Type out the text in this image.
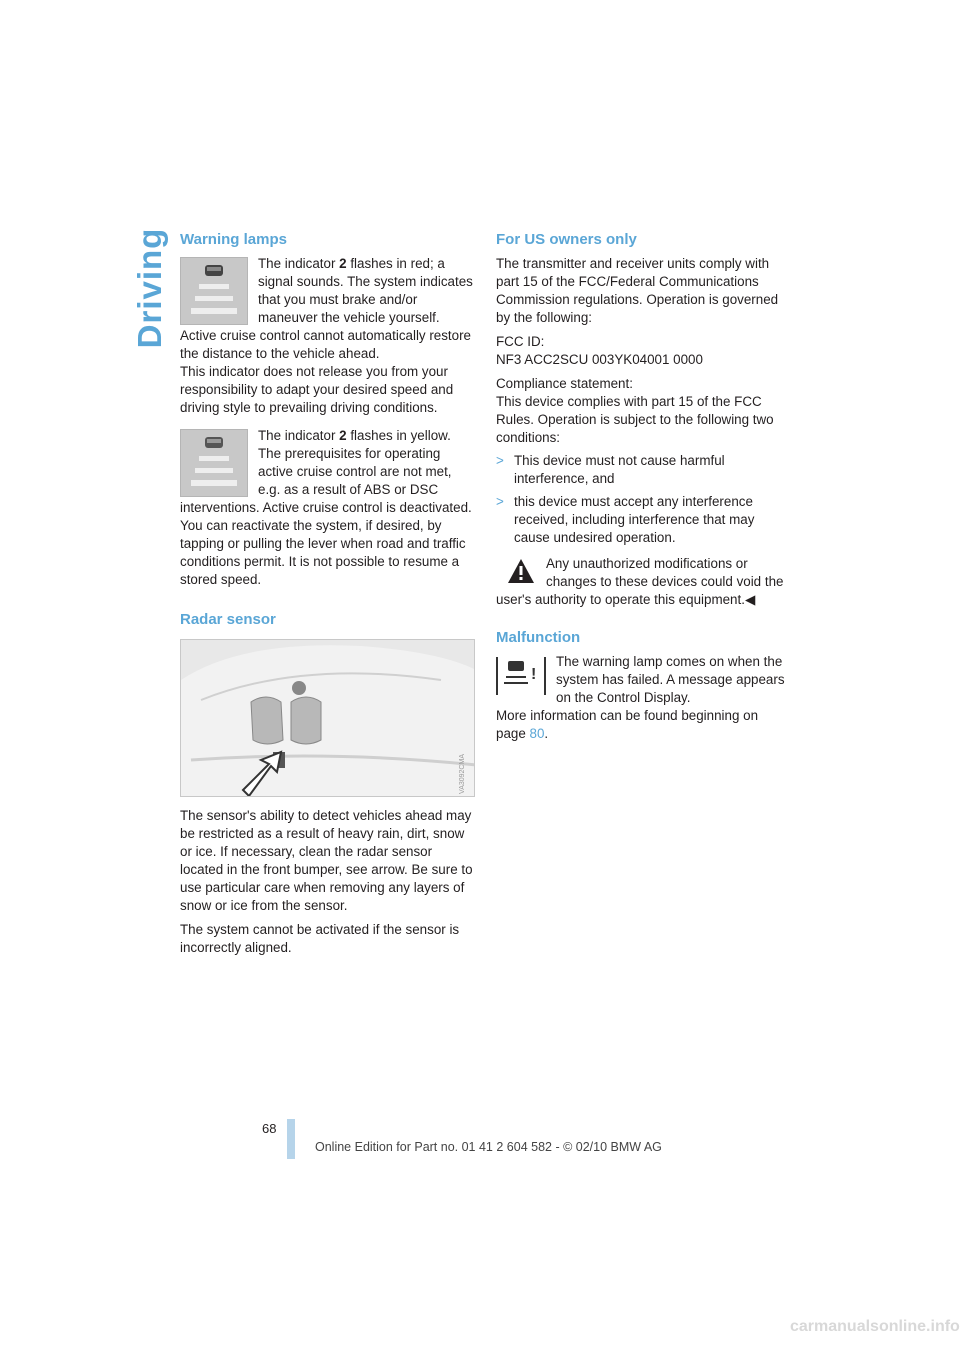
Driving Warning lamps

The indicator 2 flashes in red; a signal sounds. The system indicates that you must brake and/or maneuver the vehicle yourself. Active cruise control cannot automatically restore the distance to the vehicle ahead.

This indicator does not release you from your responsibility to adapt your desired speed and driving style to prevailing driving conditions.

The indicator 2 flashes in yellow. The prerequisites for operating active cruise control are not met, e.g. as a result of ABS or DSC interventions. Active cruise control is deactivated. You can reactivate the system, if desired, by tapping or pulling the lever when road and traffic conditions permit. It is not possible to resume a stored speed.

Radar sensor

VA3092CMA

The sensor's ability to detect vehicles ahead may be restricted as a result of heavy rain, dirt, snow or ice. If necessary, clean the radar sensor located in the front bumper, see arrow. Be sure to use particular care when removing any layers of snow or ice from the sensor.

The system cannot be activated if the sensor is incorrectly aligned.

For US owners only

The transmitter and receiver units comply with part 15 of the FCC/Federal Communications Commission regulations. Operation is governed by the following:

FCC ID:

NF3 ACC2SCU 003YK04001 0000

Compliance statement:

This device complies with part 15 of the FCC Rules. Operation is subject to the following two conditions:

> This device must not cause harmful interference, and
> this device must accept any interference received, including interference that may cause undesired operation.

Any unauthorized modifications or changes to these devices could void the user's authority to operate this equipment.◀

Malfunction

!

The warning lamp comes on when the system has failed. A message appears on the Control Display.

More information can be found beginning on page 80.

68
Online Edition for Part no. 01 41 2 604 582 - © 02/10 BMW AG
carmanualsonline.info
